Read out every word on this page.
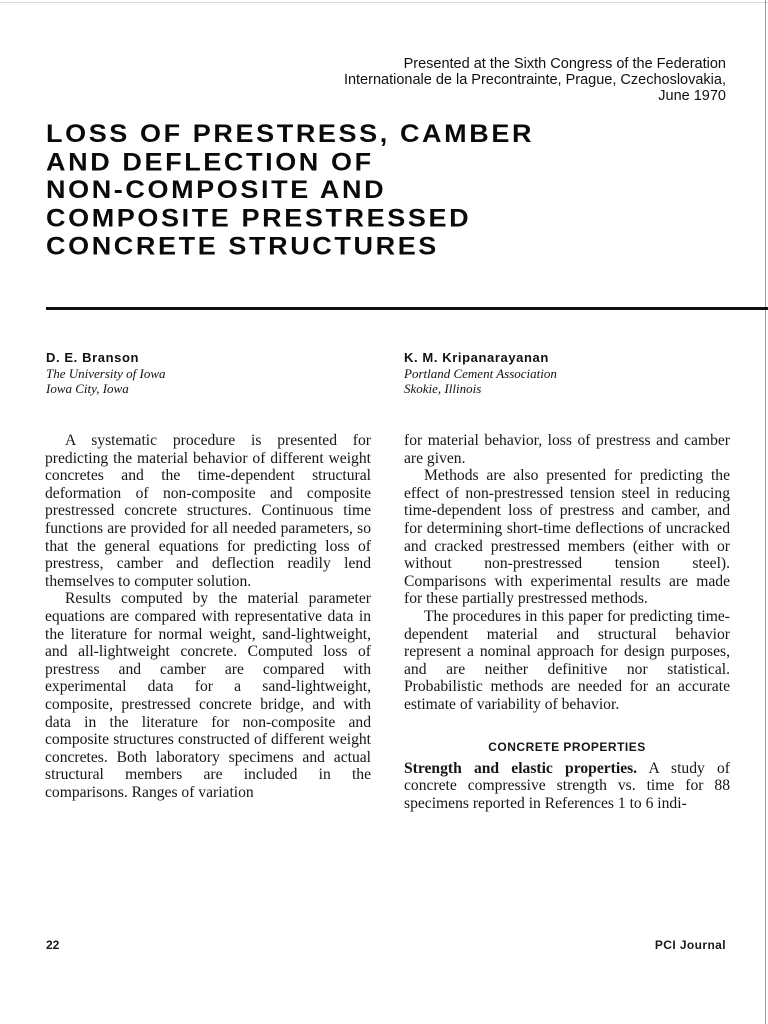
Presented at the Sixth Congress of the Federation
Internationale de la Precontrainte, Prague, Czechoslovakia,
June 1970
LOSS OF PRESTRESS, CAMBER
AND DEFLECTION OF
NON-COMPOSITE AND
COMPOSITE PRESTRESSED
CONCRETE STRUCTURES
D. E. Branson
The University of Iowa
Iowa City, Iowa
K. M. Kripanarayanan
Portland Cement Association
Skokie, Illinois

A systematic procedure is presented for predicting the material behavior of different weight concretes and the time-dependent structural deformation of non-composite and composite prestressed concrete structures. Continuous time functions are provided for all needed parameters, so that the general equations for predicting loss of prestress, camber and deflection readily lend themselves to computer solution.

Results computed by the material parameter equations are compared with representative data in the literature for normal weight, sand-lightweight, and all-lightweight concrete. Computed loss of prestress and camber are compared with experimental data for a sand-lightweight, composite, prestressed concrete bridge, and with data in the literature for non-composite and composite structures constructed of different weight concretes. Both laboratory specimens and actual structural members are included in the comparisons. Ranges of variation

for material behavior, loss of prestress and camber are given.

Methods are also presented for predicting the effect of non-prestressed tension steel in reducing time-dependent loss of prestress and camber, and for determining short-time deflections of uncracked and cracked prestressed members (either with or without non-prestressed tension steel). Comparisons with experimental results are made for these partially prestressed methods.

The procedures in this paper for predicting time-dependent material and structural behavior represent a nominal approach for design purposes, and are neither definitive nor statistical. Probabilistic methods are needed for an accurate estimate of variability of behavior.

CONCRETE PROPERTIES

Strength and elastic properties. A study of concrete compressive strength vs. time for 88 specimens reported in References 1 to 6 indi-

22	PCI Journal
